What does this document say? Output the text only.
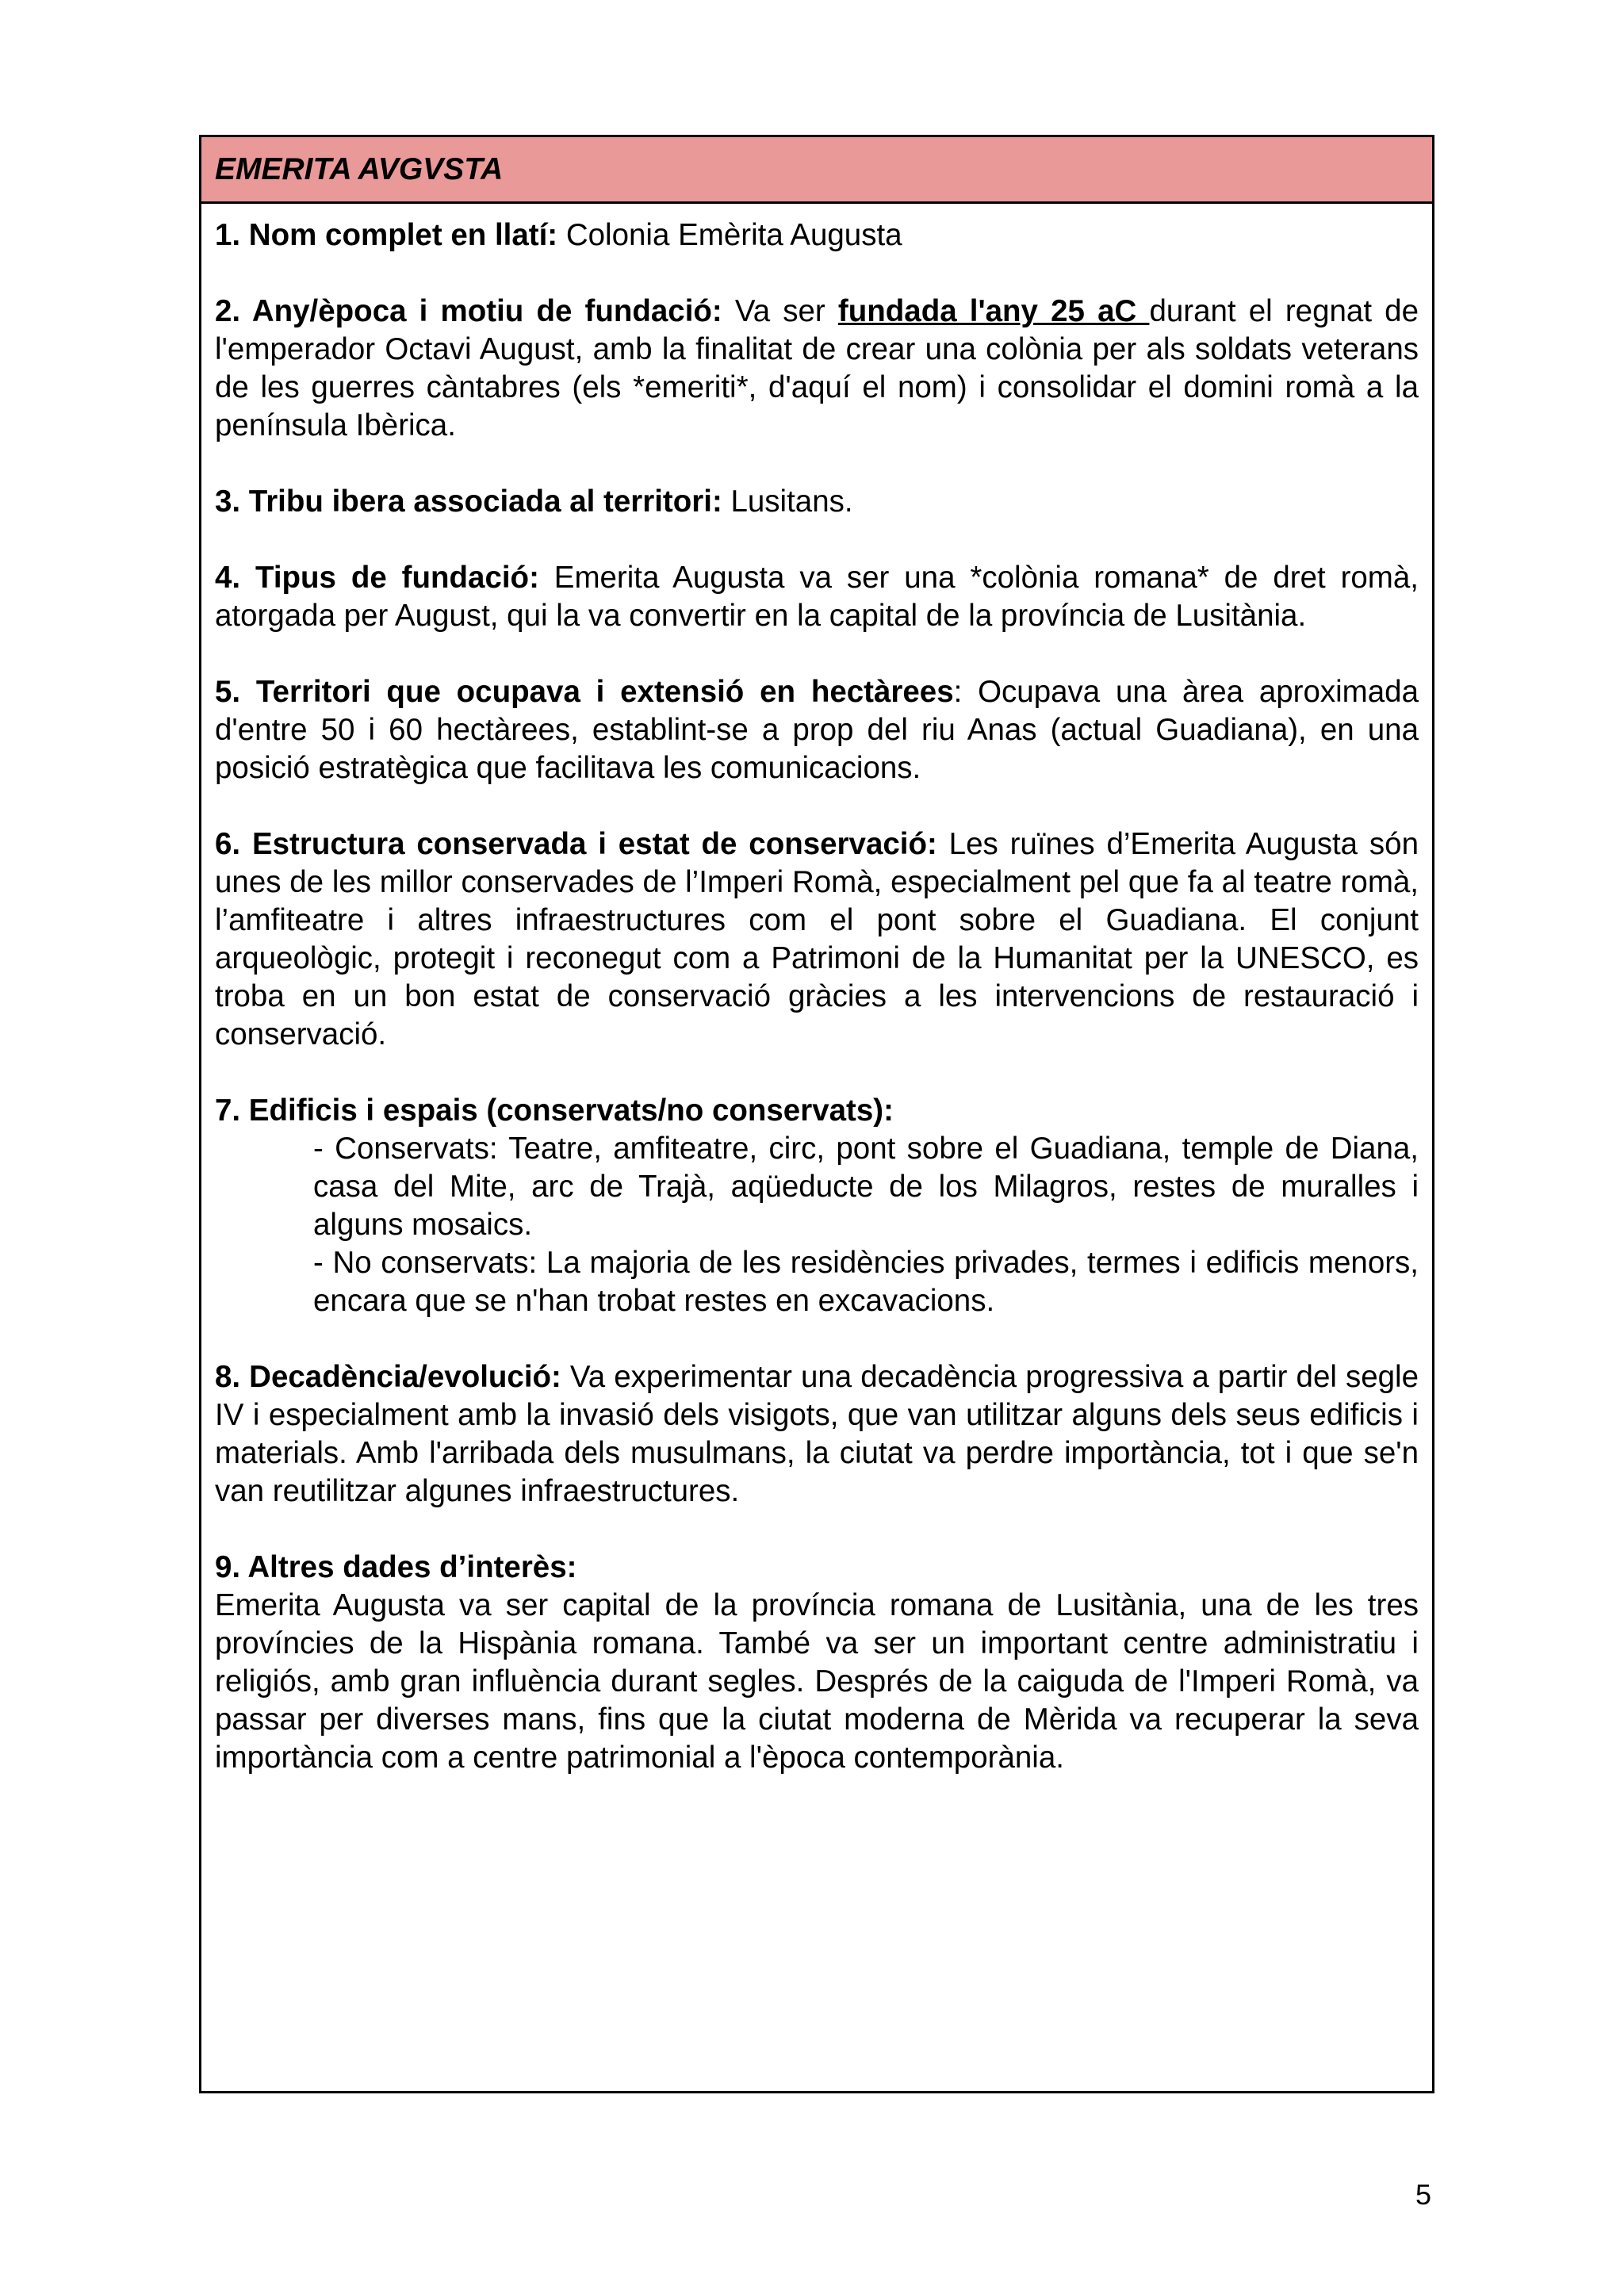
EMERITA AVGVSTA

1. Nom complet en llatí: Colonia Emèrita Augusta

2. Any/època i motiu de fundació: Va ser fundada l'any 25 aC durant el regnat de l'emperador Octavi August, amb la finalitat de crear una colònia per als soldats veterans de les guerres càntabres (els *emeriti*, d'aquí el nom) i consolidar el domini romà a la península Ibèrica.

3. Tribu ibera associada al territori: Lusitans.

4. Tipus de fundació: Emerita Augusta va ser una *colònia romana* de dret romà, atorgada per August, qui la va convertir en la capital de la província de Lusitània.

5. Territori que ocupava i extensió en hectàrees: Ocupava una àrea aproximada d'entre 50 i 60 hectàrees, establint-se a prop del riu Anas (actual Guadiana), en una posició estratègica que facilitava les comunicacions.

6. Estructura conservada i estat de conservació: Les ruïnes d’Emerita Augusta són unes de les millor conservades de l’Imperi Romà, especialment pel que fa al teatre romà, l’amfiteatre i altres infraestructures com el pont sobre el Guadiana. El conjunt arqueològic, protegit i reconegut com a Patrimoni de la Humanitat per la UNESCO, es troba en un bon estat de conservació gràcies a les intervencions de restauració i conservació.

7. Edificis i espais (conservats/no conservats):
- Conservats: Teatre, amfiteatre, circ, pont sobre el Guadiana, temple de Diana, casa del Mite, arc de Trajà, aqüeducte de los Milagros, restes de muralles i alguns mosaics.
- No conservats: La majoria de les residències privades, termes i edificis menors, encara que se n'han trobat restes en excavacions.

8. Decadència/evolució: Va experimentar una decadència progressiva a partir del segle IV i especialment amb la invasió dels visigots, que van utilitzar alguns dels seus edificis i materials. Amb l'arribada dels musulmans, la ciutat va perdre importància, tot i que se'n van reutilitzar algunes infraestructures.

9. Altres dades d’interès:
Emerita Augusta va ser capital de la província romana de Lusitània, una de les tres províncies de la Hispània romana. També va ser un important centre administratiu i religiós, amb gran influència durant segles. Després de la caiguda de l'Imperi Romà, va passar per diverses mans, fins que la ciutat moderna de Mèrida va recuperar la seva importància com a centre patrimonial a l'època contemporània.
5
